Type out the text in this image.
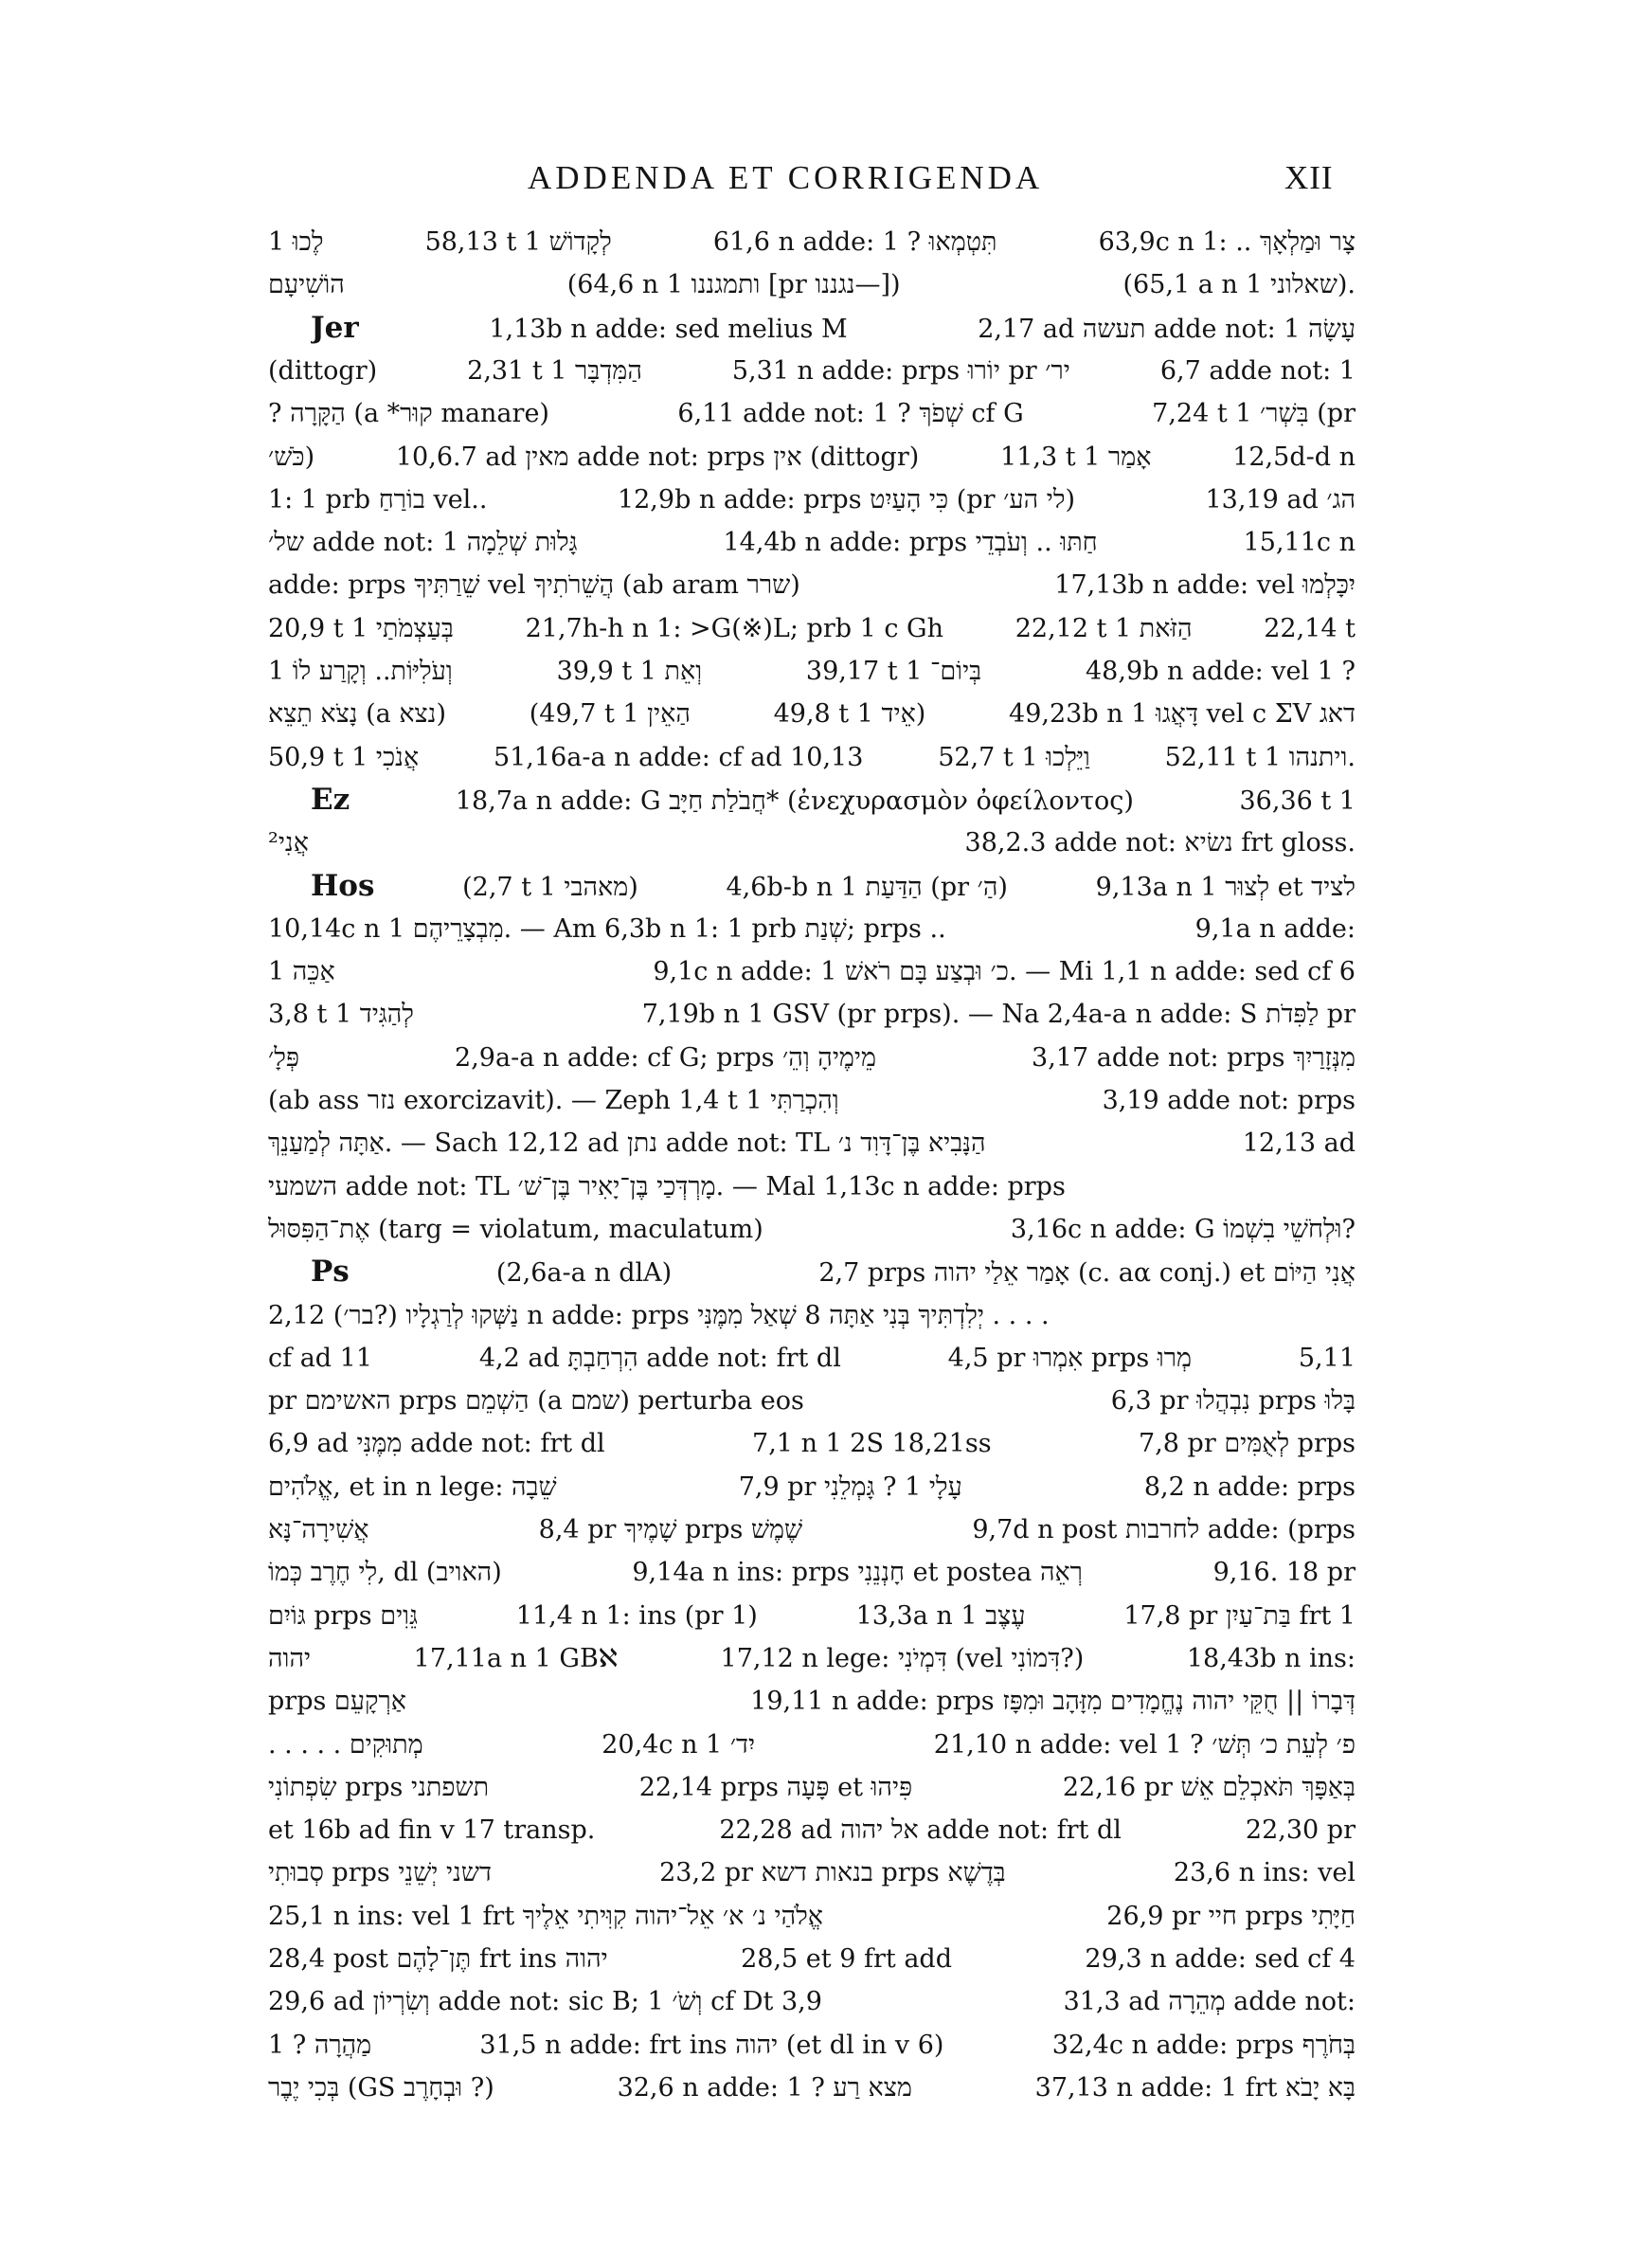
ADDENDA ET CORRIGENDA	XII
לֶכוּ 1	58,13 t 1 לְקָדוֹשׁ	61,6 n adde: 1 ? תִּטְמְאוּ	63,9c n 1: .. צָר וּמַלְאָךְ
הוֹשִׁיעָם	(64,6 n 1 ותמגננו [pr נגננו—])	(65,1 a n 1 שאלוני).
Jer	1,13b n adde: sed melius M	2,17 ad תעשה adde not: 1 עָשָׂה
(dittogr)	2,31 t 1 הַמִּדְבָּר	5,31 n adde: prps יוֹרוּ pr יר׳	6,7 adde not: 1
? הַקָּרָה (a *קוּר manare)	6,11 adde not: 1 ? שְׁפֹךְ cf G	7,24 t 1 בִּשְׁר׳ (pr
כֹּשׁ׳)	10,6.7 ad מאין adde not: prps אין (dittogr)	11,3 t 1 אָמַר	12,5d-d n
1: 1 prb בוֹרַחַ vel..	12,9b n adde: prps כִּי הָעַיִט (pr לי הע׳)	13,19 ad הג׳
של׳ adde not: 1 גָּלוּת שְׁלֵמָה	14,4b n adde: prps חַתּוּ .. וְעֹבְדֵי	15,11c n
adde: prps שֵׁרַתִּיךָ vel הֲשֵׁרֹתִיךָ (ab aram שרר)	17,13b n adde: vel יִכָּלְמוּ
20,9 t 1 בְּעַצְמֹתַי	21,7h-h n 1: >G(※)L; prb 1 c Gh	22,12 t 1 הַזֹּאת	22,14 t
1 וְעֹלִיּוֹת.. וְקָרַע לוֹ	39,9 t 1 וְאֵת	39,17 t 1 בְּיוֹם־	48,9b n adde: vel 1 ?
נָצֹא תֵצֵא (a נצא)	(49,7 t 1 הַאֵין	49,8 t 1 אֵיד)	49,23b n 1 דָּאֲגוּ vel c ΣV דאג
50,9 t 1 אֲנֹכִי	51,16a-a n adde: cf ad 10,13	52,7 t 1 וַיֵּלְכוּ	52,11 t 1 ויתנהו.
Ez	18,7a n adde: G חֲבֹלַת חַיָּב* (ἐνεχυρασμὸν ὀφείλοντος)	36,36 t 1
אֲנִי²	38,2.3 adde not: נשׂיא frt gloss.
Hos	(2,7 t 1 מאהבי)	4,6b-b n 1 הַדַּעַת (pr הַ׳)	9,13a n 1 לְצוּר et לציד
10,14c n 1 מִבְצָרֵיהֶם. — Am 6,3b n 1: 1 prb שְׁנַת; prps ..	9,1a n adde:
1 אַכֵּה	9,1c n adde: 1 כ׳ וּבְצַע בָּם רֹאשׁ. — Mi 1,1 n adde: sed cf 6
3,8 t 1 לְהַגִּיד	7,19b n 1 GSV (pr prps). — Na 2,4a-a n adde: S לַפִּדֹת pr
פְּלָ׳	2,9a-a n adde: cf G; prps מֵימֶיהָ וְהֵ׳	3,17 adde not: prps מִנְּזָרַיִךְ
(ab ass נזר exorcizavit). — Zeph 1,4 t 1 וְהִכְרַתִּי	3,19 adde not: prps
אַתָּה לְמַעַנֵךְ. — Sach 12,12 ad נתן adde not: TL הַנָּבִיא בֶּן־דָּוִד נ׳	12,13 ad
השמעי adde not: TL מָרְדְּכַי בֶּן־יָאִיר בֶּן־שׁ׳. — Mal 1,13c n adde: prps
אֶת־הַפִּסּוּל (targ = violatum, maculatum)	3,16c n adde: G וּלְחֹשֵׁי בִשְׁמוֹ?
Ps	(2,6a-a n dlA)	2,7 prps אָמַר אֵלַי יהוה (c. aα conj.) et אֲנִי הַיּוֹם
נַשְּׁקוּ לְרַגְלָיו (?בר׳) 2,12 n adde: prps יְלִדְתִּיךָ בְּנִי אַתָּה 8 שְׁאַל מִמֶּנִּי . . . .
cf ad 11	4,2 ad הִרְחַבְתָּ adde not: frt dl	4,5 pr אִמְרוּ prps מְרוּ	5,11
pr האשימם prps הַשְׁמֵם (a שמם) perturba eos	6,3 pr נִבְהֲלוּ prps בָּלוּ
6,9 ad מִמֶּנִּי adde not: frt dl	7,1 n 1 2S 18,21ss	7,8 pr לְאֻמִּים prps
אֱלֹהִים, et in n lege: שֵׁבָה	7,9 pr עָלָי 1 ? גָּמְלֵנִי	8,2 n adde: prps
אֲשִׁירָה־נָּא	8,4 pr שָׁמֶיךָ prps שֶׁמֶשׁ	9,7d n post לחרבות adde: (prps
לִי חֶרֶב כְּמוֹ, dl (האויב)	9,14a n ins: prps חָנְנֵנִי et postea רְאֵה	9,16. 18 pr
גּוֹיִם prps גֵּוִים	11,4 n 1: ins (pr 1)	13,3a n 1 עֶצֶב	17,8 pr בַּת־עַיִן frt 1
יהוה	17,11a n 1 GBℵ	17,12 n lege: דִּמְיֹנִי (vel דִּמוֹנִי?)	18,43b n ins:
prps אַרְקָעֵם	19,11 n adde: prps דְּבָרוֹ || חֻקֵּי יהוה נֶחֱמָדִים מִזָּהָב וּמִפָּז
. . . . . מְתוּקִים	20,4c n 1 יִד׳	21,10 n adde: vel 1 ? פ׳ לְעֵת כ׳ תְּשׁ׳
שִׂפְתוֹנִי prps תשפתני	22,14 prps פָּעָה et פִּיהוּ	22,16 pr בְּאַפָּךְ תֹּאכְלֵם אֵשׁ
et 16b ad fin v 17 transp.	22,28 ad אל יהוה adde not: frt dl	22,30 pr
סְבוּתִי prps דשני יְשֵׁנֵי	23,2 pr בנאות דשא prps בְּדֶשֶׁא	23,6 n ins: vel
25,1 n ins: vel 1 frt אֱלֹהַי נ׳ א׳ אֵל־יהוה קִוִּיתִי אֵלֶיךָ	26,9 pr חיי prps חַיָּתִי
28,4 post תֶּן־לָהֶם frt ins יהוה	28,5 et 9 frt add	29,3 n adde: sed cf 4
29,6 ad וְשִׂרְיוֹן adde not: sic B; 1 וְשֹׁ׳ cf Dt 3,9	31,3 ad מְהֵרָה adde not:
1 ? מַהֲרָה	31,5 n adde: frt ins יהוה (et dl in v 6)	32,4c n adde: prps בְּחֹרֶף
בְּכִי יֶבֶר (GS וּבְחָרֶב ?)	32,6 n adde: 1 ? מצא רַע	37,13 n adde: 1 frt בָּא יָבֹא
